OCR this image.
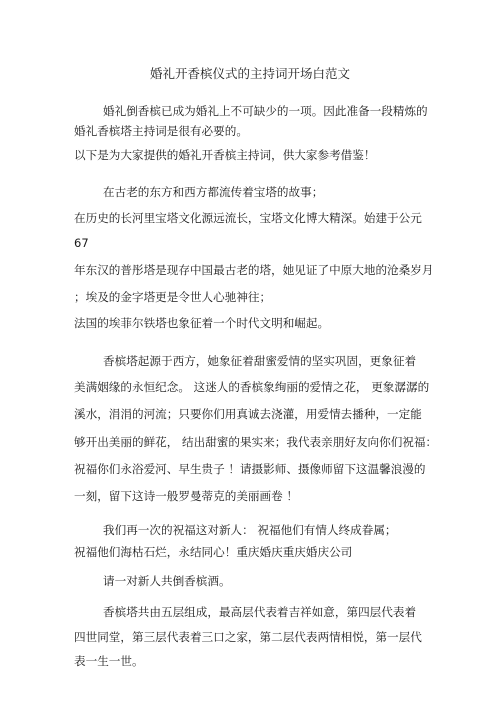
婚礼开香槟仪式的主持词开场白范文
婚礼倒香槟已成为婚礼上不可缺少的一项。因此准备一段精炼的
婚礼香槟塔主持词是很有必要的。
以下是为大家提供的婚礼开香槟主持词，供大家参考借鉴！
在古老的东方和西方都流传着宝塔的故事；
在历史的长河里宝塔文化源远流长，宝塔文化博大精深。始建于公元
67
年东汉的普彤塔是现存中国最古老的塔，她见证了中原大地的沧桑岁月
；埃及的金字塔更是令世人心驰神往；
法国的埃菲尔铁塔也象征着一个时代文明和崛起。
香槟塔起源于西方，她象征着甜蜜爱情的坚实巩固，更象征着
美满姻缘的永恒纪念。 这迷人的香槟象绚丽的爱情之花， 更象潺潺的
溪水，涓涓的河流；只要你们用真诚去浇灌，用爱情去播种，一定能
够开出美丽的鲜花， 结出甜蜜的果实来；我代表亲朋好友向你们祝福：
祝福你们永浴爱河、早生贵子 ！请摄影师、摄像师留下这温馨浪漫的
一刻，留下这诗一般罗曼蒂克的美丽画卷 ！
我们再一次的祝福这对新人： 祝福他们有情人终成眷属；
祝福他们海枯石烂，永结同心！重庆婚庆重庆婚庆公司
请一对新人共倒香槟酒。
香槟塔共由五层组成，最高层代表着吉祥如意，第四层代表着
四世同堂，第三层代表着三口之家，第二层代表两情相悦，第一层代
表一生一世。
